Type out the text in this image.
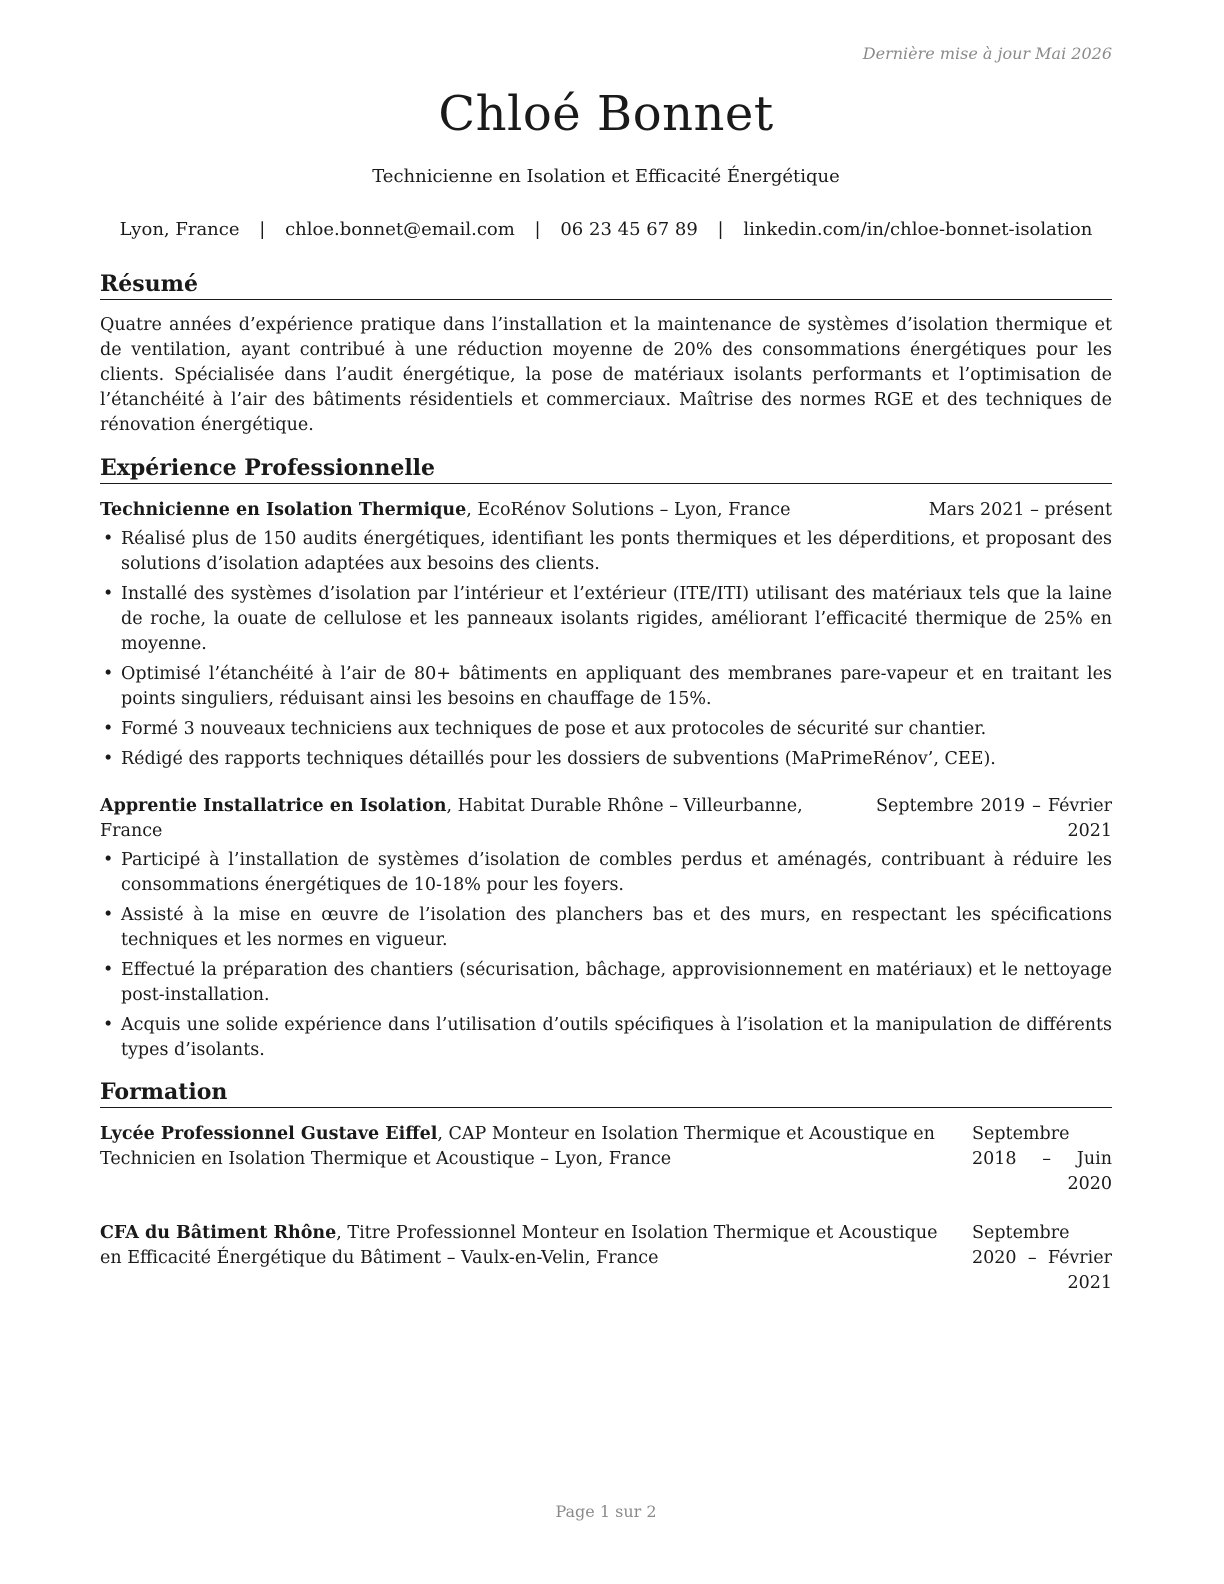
Dernière mise à jour Mai 2026
Chloé Bonnet
Technicienne en Isolation et Efficacité Énergétique
Lyon, France | chloe.bonnet@email.com | 06 23 45 67 89 | linkedin.com/in/chloe-bonnet-isolation
Résumé

Quatre années d’expérience pratique dans l’installation et la maintenance de systèmes d’isolation thermique et de ventilation, ayant contribué à une réduction moyenne de 20% des consommations énergétiques pour les clients. Spécialisée dans l’audit énergétique, la pose de matériaux isolants performants et l’optimisation de l’étanchéité à l’air des bâtiments résidentiels et commerciaux. Maîtrise des normes RGE et des techniques de rénovation énergétique.

Expérience Professionnelle
Technicienne en Isolation Thermique, EcoRénov Solutions – Lyon, France	Mars 2021 – présent
• Réalisé plus de 150 audits énergétiques, identifiant les ponts thermiques et les déperditions, et proposant des solutions d’isolation adaptées aux besoins des clients.
• Installé des systèmes d’isolation par l’intérieur et l’extérieur (ITE/ITI) utilisant des matériaux tels que la laine de roche, la ouate de cellulose et les panneaux isolants rigides, améliorant l’efficacité thermique de 25% en moyenne.
• Optimisé l’étanchéité à l’air de 80+ bâtiments en appliquant des membranes pare-vapeur et en traitant les points singuliers, réduisant ainsi les besoins en chauffage de 15%.
• Formé 3 nouveaux techniciens aux techniques de pose et aux protocoles de sécurité sur chantier.
• Rédigé des rapports techniques détaillés pour les dossiers de subventions (MaPrimeRénov’, CEE).
Apprentie Installatrice en Isolation, Habitat Durable Rhône – Villeurbanne, France
Septembre 2019 – Février 2021
• Participé à l’installation de systèmes d’isolation de combles perdus et aménagés, contribuant à réduire les consommations énergétiques de 10-18% pour les foyers.
• Assisté à la mise en œuvre de l’isolation des planchers bas et des murs, en respectant les spécifications techniques et les normes en vigueur.
• Effectué la préparation des chantiers (sécurisation, bâchage, approvisionnement en matériaux) et le nettoyage post-installation.
• Acquis une solide expérience dans l’utilisation d’outils spécifiques à l’isolation et la manipulation de différents types d’isolants.
Formation
Lycée Professionnel Gustave Eiffel, CAP Monteur en Isolation Thermique et Acoustique en Technicien en Isolation Thermique et Acoustique – Lyon, France
Septembre 2018 – Juin 2020
CFA du Bâtiment Rhône, Titre Professionnel Monteur en Isolation Thermique et Acoustique en Efficacité Énergétique du Bâtiment – Vaulx-en-Velin, France
Septembre 2020 – Février 2021
Page 1 sur 2
